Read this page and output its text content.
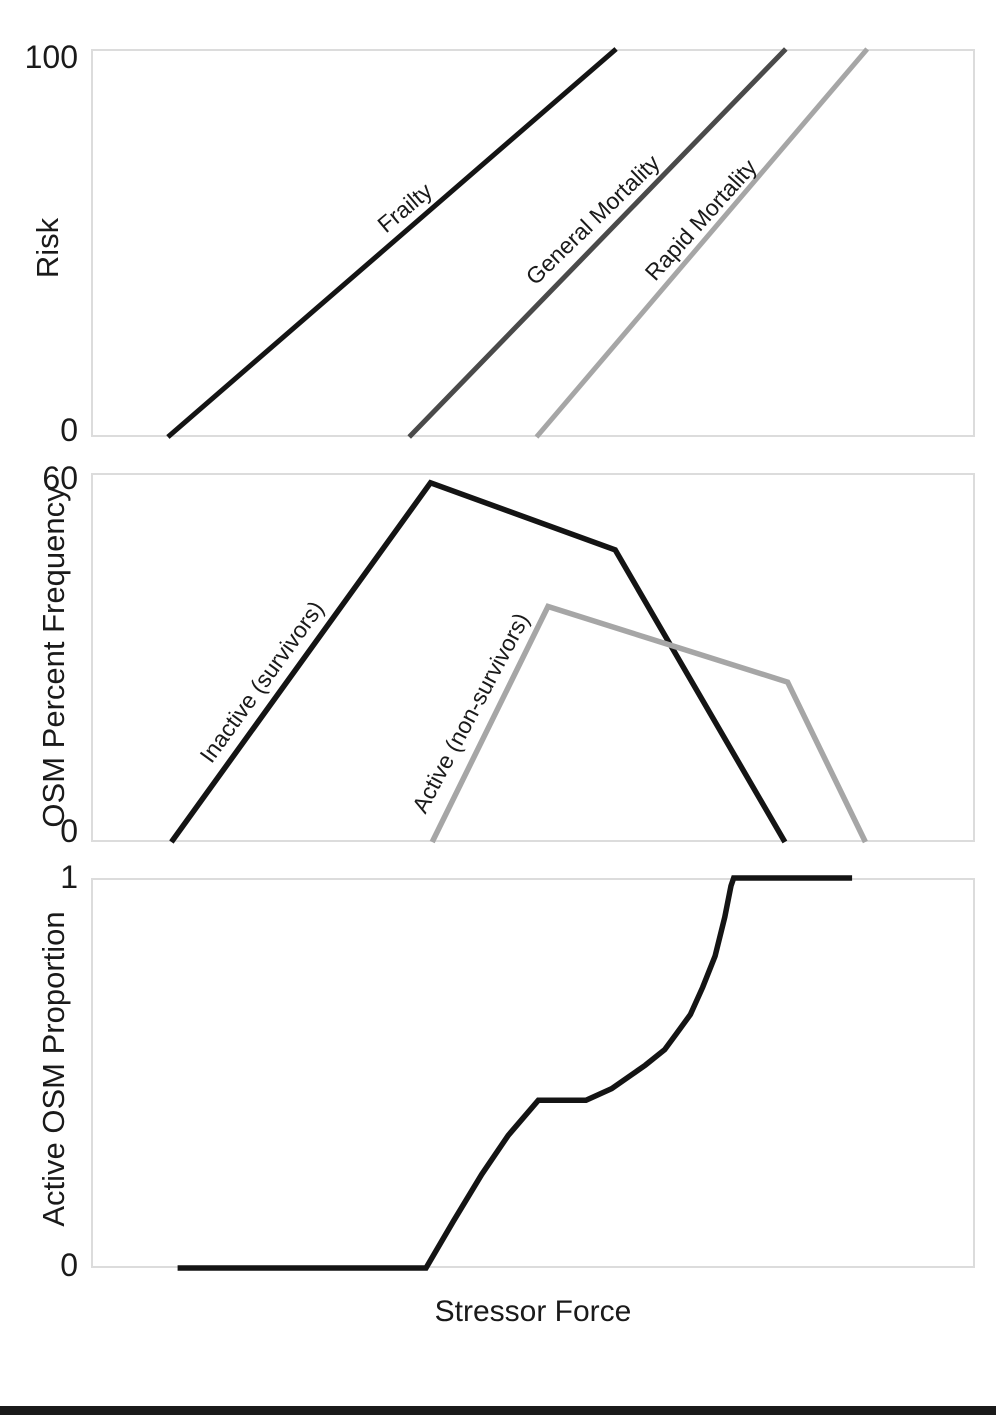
Frailty	General Mortality
Rapid Mortality
100
0
Risk
Inactive (survivors)	Active (non-survivors)
60
0
OSM Percent Frequency
1
0
Active OSM Proportion
Stressor Force
